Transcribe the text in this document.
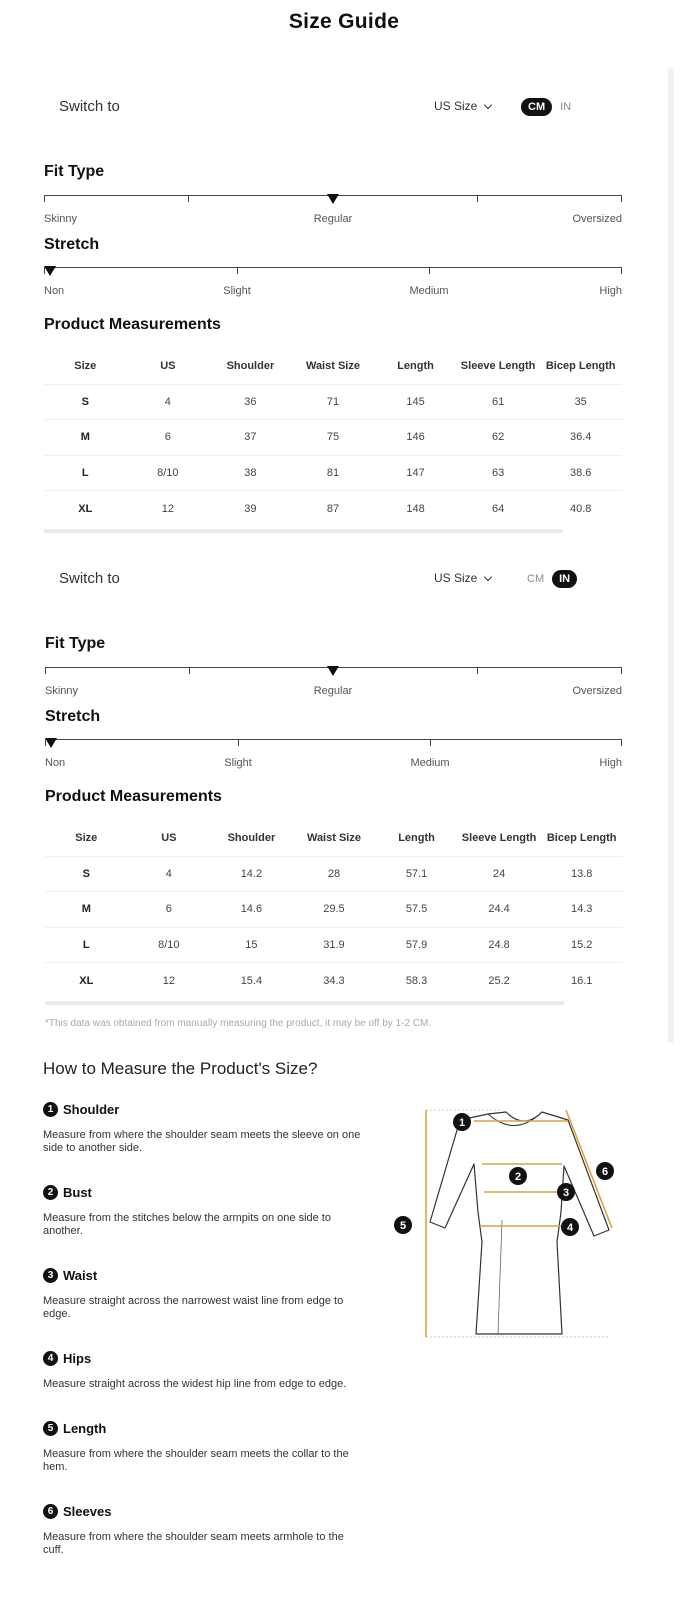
Size Guide
Switch to	US Size	CM	IN
Fit Type
Skinny	Regular	Oversized
Stretch
Non	Slight	Medium	High
Product Measurements
Size	US	Shoulder	Waist Size	Length	Sleeve Length	Bicep Length
S	4	36	71	145	61	35
M	6	37	75	146	62	36.4
L	8/10	38	81	147	63	38.6
XL	12	39	87	148	64	40.8
Switch to	US Size	CM	IN
Fit Type
Skinny	Regular	Oversized
Stretch
Non	Slight	Medium	High
Product Measurements
Size	US	Shoulder	Waist Size	Length	Sleeve Length	Bicep Length
S	4	14.2	28	57.1	24	13.8
M	6	14.6	29.5	57.5	24.4	14.3
L	8/10	15	31.9	57.9	24.8	15.2
XL	12	15.4	34.3	58.3	25.2	16.1
*This data was obtained from manually measuring the product, it may be off by 1-2 CM.
How to Measure the Product's Size?
1 Shoulder
Measure from where the shoulder seam meets the sleeve on one side to another side.
2 Bust
Measure from the stitches below the armpits on one side to another.
3 Waist
Measure straight across the narrowest waist line from edge to edge.
4 Hips
Measure straight across the widest hip line from edge to edge.
5 Length
Measure from where the shoulder seam meets the collar to the hem.
6 Sleeves
Measure from where the shoulder seam meets armhole to the cuff.
1
2
3
4
5
6
